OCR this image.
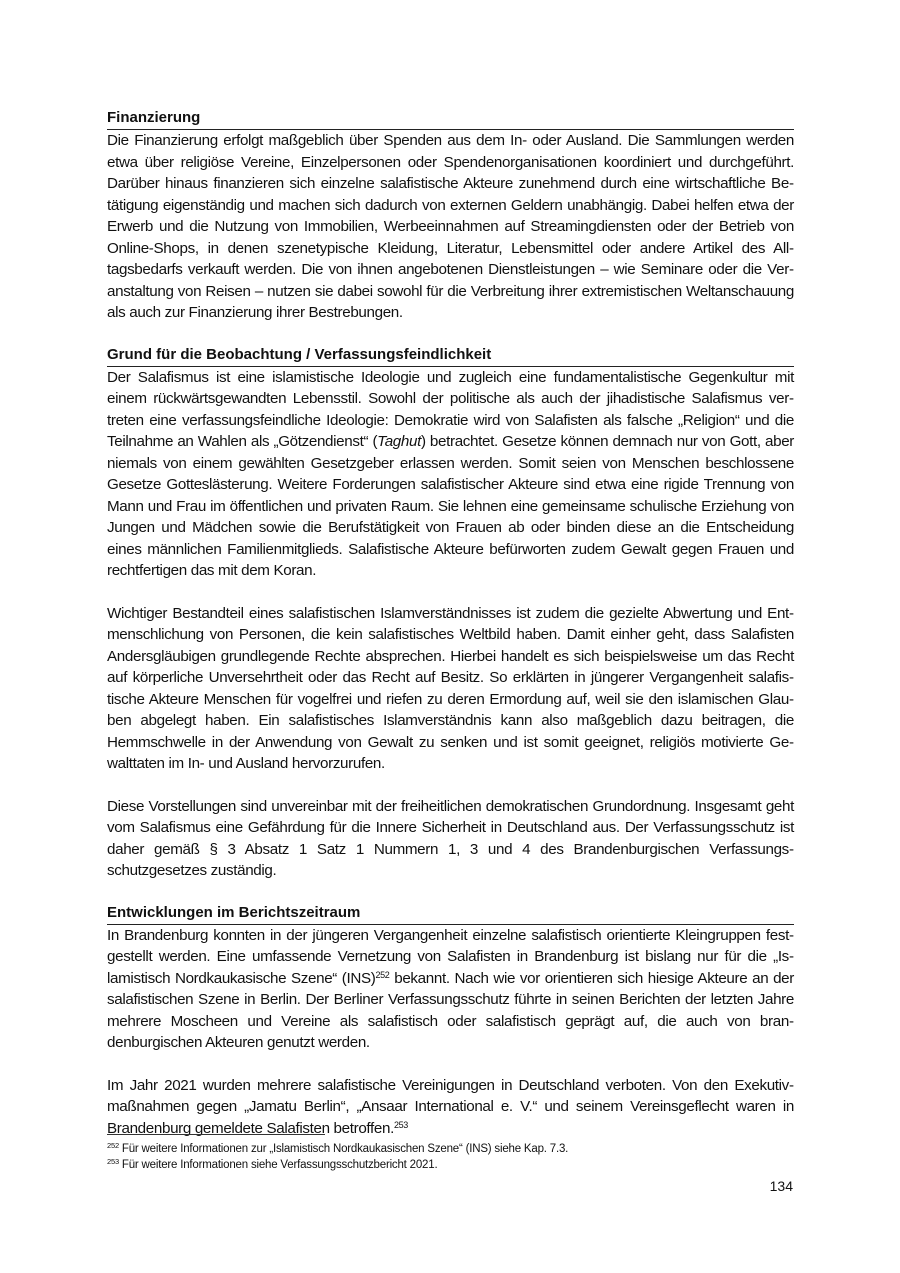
Finanzierung

Die Finanzierung erfolgt maßgeblich über Spenden aus dem In- oder Ausland. Die Sammlungen werden etwa über religiöse Vereine, Einzelpersonen oder Spendenorganisationen koordiniert und durchgeführt. Darüber hinaus finanzieren sich einzelne salafistische Akteure zunehmend durch eine wirtschaftliche Betätigung eigenständig und machen sich dadurch von externen Geldern unabhängig. Dabei helfen etwa der Erwerb und die Nutzung von Immobilien, Werbeeinnahmen auf Streamingdiensten oder der Betrieb von Online-Shops, in denen szenetypische Kleidung, Literatur, Lebensmittel oder andere Artikel des Alltagsbedarfs verkauft werden. Die von ihnen angebotenen Dienstleistungen – wie Seminare oder die Veranstaltung von Reisen – nutzen sie dabei sowohl für die Verbreitung ihrer extremistischen Weltanschauung als auch zur Finanzierung ihrer Bestrebungen.

Grund für die Beobachtung / Verfassungsfeindlichkeit

Der Salafismus ist eine islamistische Ideologie und zugleich eine fundamentalistische Gegenkultur mit einem rückwärtsgewandten Lebensstil. Sowohl der politische als auch der jihadistische Salafismus vertreten eine verfassungsfeindliche Ideologie: Demokratie wird von Salafisten als falsche „Religion“ und die Teilnahme an Wahlen als „Götzendienst“ (Taghut) betrachtet. Gesetze können demnach nur von Gott, aber niemals von einem gewählten Gesetzgeber erlassen werden. Somit seien von Menschen beschlossene Gesetze Gotteslästerung. Weitere Forderungen salafistischer Akteure sind etwa eine rigide Trennung von Mann und Frau im öffentlichen und privaten Raum. Sie lehnen eine gemeinsame schulische Erziehung von Jungen und Mädchen sowie die Berufstätigkeit von Frauen ab oder binden diese an die Entscheidung eines männlichen Familienmitglieds. Salafistische Akteure befürworten zudem Gewalt gegen Frauen und rechtfertigen das mit dem Koran.

Wichtiger Bestandteil eines salafistischen Islamverständnisses ist zudem die gezielte Abwertung und Entmenschlichung von Personen, die kein salafistisches Weltbild haben. Damit einher geht, dass Salafisten Andersgläubigen grundlegende Rechte absprechen. Hierbei handelt es sich beispielsweise um das Recht auf körperliche Unversehrtheit oder das Recht auf Besitz. So erklärten in jüngerer Vergangenheit salafistische Akteure Menschen für vogelfrei und riefen zu deren Ermordung auf, weil sie den islamischen Glauben abgelegt haben. Ein salafistisches Islamverständnis kann also maßgeblich dazu beitragen, die Hemmschwelle in der Anwendung von Gewalt zu senken und ist somit geeignet, religiös motivierte Gewalttaten im In- und Ausland hervorzurufen.

Diese Vorstellungen sind unvereinbar mit der freiheitlichen demokratischen Grundordnung. Insgesamt geht vom Salafismus eine Gefährdung für die Innere Sicherheit in Deutschland aus. Der Verfassungsschutz ist daher gemäß § 3 Absatz 1 Satz 1 Nummern 1, 3 und 4 des Brandenburgischen Verfassungsschutzgesetzes zuständig.

Entwicklungen im Berichtszeitraum

In Brandenburg konnten in der jüngeren Vergangenheit einzelne salafistisch orientierte Kleingruppen festgestellt werden. Eine umfassende Vernetzung von Salafisten in Brandenburg ist bislang nur für die „Islamistisch Nordkaukasische Szene“ (INS)$^{252}$ bekannt. Nach wie vor orientieren sich hiesige Akteure an der salafistischen Szene in Berlin. Der Berliner Verfassungsschutz führte in seinen Berichten der letzten Jahre mehrere Moscheen und Vereine als salafistisch oder salafistisch geprägt auf, die auch von brandenburgischen Akteuren genutzt werden.

Im Jahr 2021 wurden mehrere salafistische Vereinigungen in Deutschland verboten. Von den Exekutivmaßnahmen gegen „Jamatu Berlin“, „Ansaar International e. V.“ und seinem Vereinsgeflecht waren in Brandenburg gemeldete Salafisten betroffen.$^{253}$

$^{252}$ Für weitere Informationen zur „Islamistisch Nordkaukasischen Szene“ (INS) siehe Kap. 7.3.
$^{253}$ Für weitere Informationen siehe Verfassungsschutzbericht 2021.
134
